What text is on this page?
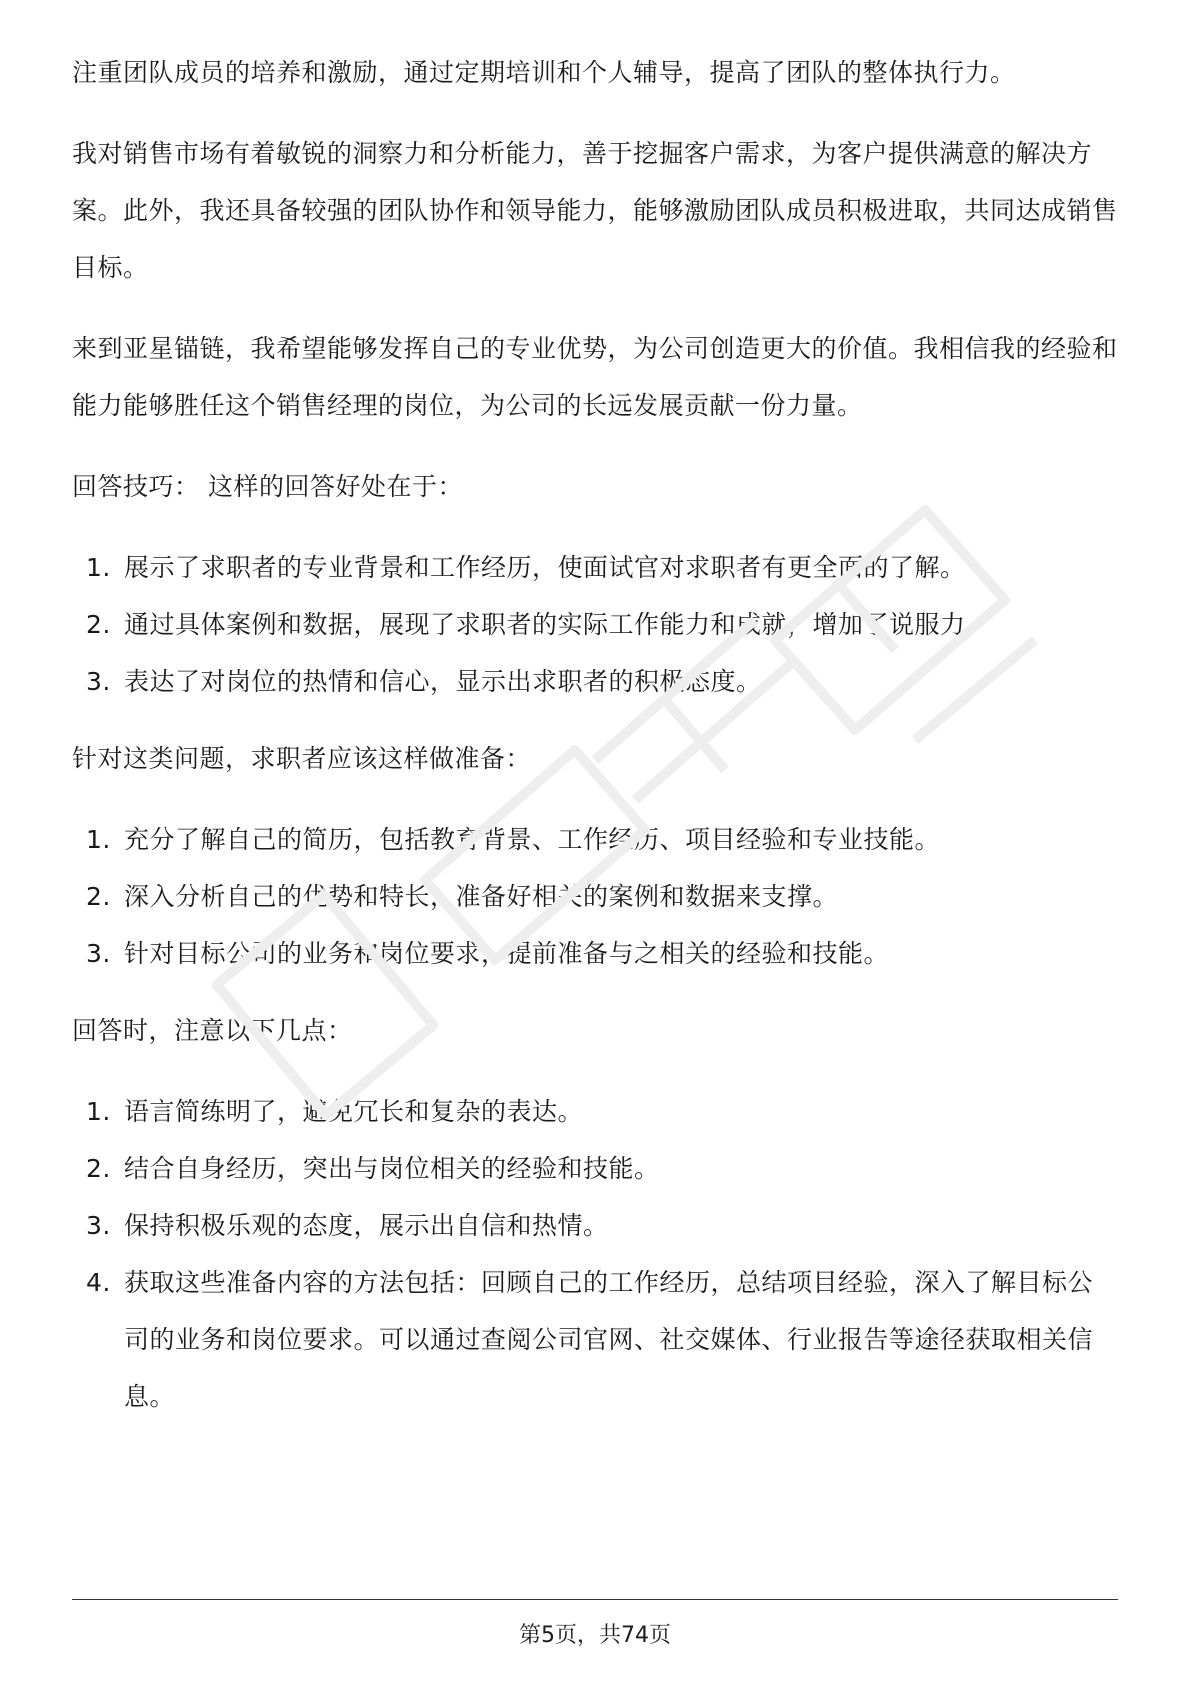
注重团队成员的培养和激励，通过定期培训和个人辅导，提高了团队的整体执行力。

我对销售市场有着敏锐的洞察力和分析能力，善于挖掘客户需求，为客户提供满意的解决方案。此外，我还具备较强的团队协作和领导能力，能够激励团队成员积极进取，共同达成销售目标。

来到亚星锚链，我希望能够发挥自己的专业优势，为公司创造更大的价值。我相信我的经验和能力能够胜任这个销售经理的岗位，为公司的长远发展贡献一份力量。

回答技巧： 这样的回答好处在于：

1. 展示了求职者的专业背景和工作经历，使面试官对求职者有更全面的了解。
2. 通过具体案例和数据，展现了求职者的实际工作能力和成就，增加了说服力。
3. 表达了对岗位的热情和信心，显示出求职者的积极态度。

针对这类问题，求职者应该这样做准备：

1. 充分了解自己的简历，包括教育背景、工作经历、项目经验和专业技能。
2. 深入分析自己的优势和特长，准备好相关的案例和数据来支撑。
3. 针对目标公司的业务和岗位要求，提前准备与之相关的经验和技能。

回答时，注意以下几点：

1. 语言简练明了，避免冗长和复杂的表达。
2. 结合自身经历，突出与岗位相关的经验和技能。
3. 保持积极乐观的态度，展示出自信和热情。
4. 获取这些准备内容的方法包括：回顾自己的工作经历，总结项目经验，深入了解目标公司的业务和岗位要求。可以通过查阅公司官网、社交媒体、行业报告等途径获取相关信息。
第5页，共74页
